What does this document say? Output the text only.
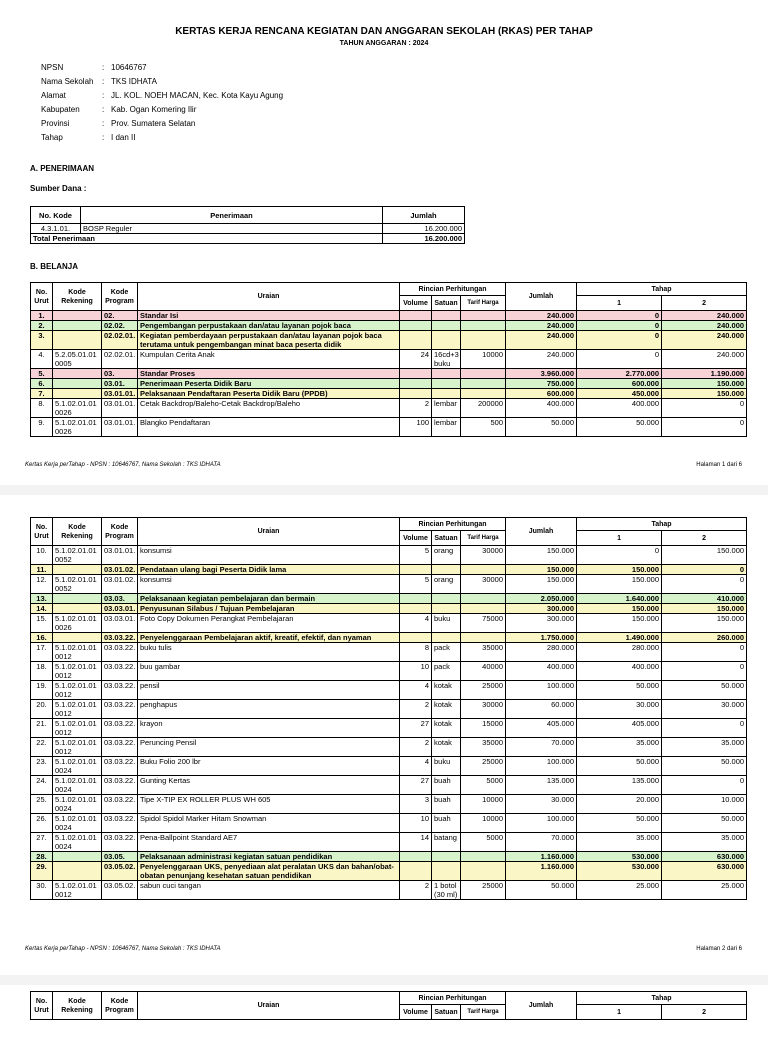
KERTAS KERJA RENCANA KEGIATAN DAN ANGGARAN SEKOLAH (RKAS) PER TAHAP
TAHUN ANGGARAN : 2024
NPSN	: 10646767
Nama Sekolah : TKS IDHATA
Alamat	: JL. KOL. NOEH MACAN, Kec. Kota Kayu Agung
Kabupaten	: Kab. Ogan Komering Ilir
Provinsi	: Prov. Sumatera Selatan
Tahap	: I dan II
A. PENERIMAAN
Sumber Dana :
No. Kode	Penerimaan	Jumlah
4.3.1.01.	BOSP Reguler	16.200.000
Total Penerimaan		16.200.000
B. BELANJA
No. Urut	Kode Rekening	Kode Program	Uraian	Rincian Perhitungan			Jumlah	Tahap	
				Volume	Satuan	Tarif Harga		1	2
1.		02.	Standar Isi				240.000	0	240.000
2.		02.02.	Pengembangan perpustakaan dan/atau layanan pojok baca				240.000	0	240.000
3.		02.02.01.	Kegiatan pemberdayaan perpustakaan dan/atau layanan pojok baca terutama untuk pengembangan minat baca peserta didik				240.000	0	240.000
4.	5.2.05.01.01 0005	02.02.01.	Kumpulan Cerita Anak	24	16cd+3 buku	10000	240.000	0	240.000
5.		03.	Standar Proses				3.960.000	2.770.000	1.190.000
6.		03.01.	Penerimaan Peserta Didik Baru				750.000	600.000	150.000
7.		03.01.01.	Pelaksanaan Pendaftaran Peserta Didik Baru (PPDB)				600.000	450.000	150.000
8.	5.1.02.01.01 0026	03.01.01.	Cetak Backdrop/Baleho-Cetak Backdrop/Baleho	2	lembar	200000	400.000	400.000	0
9.	5.1.02.01.01 0026	03.01.01.	Blangko Pendaftaran	100	lembar	500	50.000	50.000	0
Kertas Kerja perTahap - NPSN : 10646767, Nama Sekolah : TKS IDHATA	Halaman 1 dari 6
No. Urut	Kode Rekening	Kode Program	Uraian	Rincian Perhitungan			Jumlah	Tahap	
				Volume	Satuan	Tarif Harga		1	2
10.	5.1.02.01.01 0052	03.01.01.	konsumsi	5	orang	30000	150.000	0	150.000
11.		03.01.02.	Pendataan ulang bagi Peserta Didik lama				150.000	150.000	0
12.	5.1.02.01.01 0052	03.01.02.	konsumsi	5	orang	30000	150.000	150.000	0
13.		03.03.	Pelaksanaan kegiatan pembelajaran dan bermain				2.050.000	1.640.000	410.000
14.		03.03.01.	Penyusunan Silabus / Tujuan Pembelajaran				300.000	150.000	150.000
15.	5.1.02.01.01 0026	03.03.01.	Foto Copy Dokumen Perangkat Pembelajaran	4	buku	75000	300.000	150.000	150.000
16.		03.03.22.	Penyelenggaraan Pembelajaran aktif, kreatif, efektif, dan nyaman				1.750.000	1.490.000	260.000
17.	5.1.02.01.01 0012	03.03.22.	buku tulis	8	pack	35000	280.000	280.000	0
18.	5.1.02.01.01 0012	03.03.22.	buu gambar	10	pack	40000	400.000	400.000	0
19.	5.1.02.01.01 0012	03.03.22.	pensil	4	kotak	25000	100.000	50.000	50.000
20.	5.1.02.01.01 0012	03.03.22.	penghapus	2	kotak	30000	60.000	30.000	30.000
21.	5.1.02.01.01 0012	03.03.22.	krayon	27	kotak	15000	405.000	405.000	0
22.	5.1.02.01.01 0012	03.03.22.	Peruncing Pensil	2	kotak	35000	70.000	35.000	35.000
23.	5.1.02.01.01 0024	03.03.22.	Buku Folio 200 lbr	4	buku	25000	100.000	50.000	50.000
24.	5.1.02.01.01 0024	03.03.22.	Gunting Kertas	27	buah	5000	135.000	135.000	0
25.	5.1.02.01.01 0024	03.03.22.	Tipe X-TIP EX ROLLER PLUS WH 605	3	buah	10000	30.000	20.000	10.000
26.	5.1.02.01.01 0024	03.03.22.	Spidol Spidol Marker Hitam Snowman	10	buah	10000	100.000	50.000	50.000
27.	5.1.02.01.01 0024	03.03.22.	Pena-Ballpoint Standard AE7	14	batang	5000	70.000	35.000	35.000
28.		03.05.	Pelaksanaan administrasi kegiatan satuan pendidikan				1.160.000	530.000	630.000
29.		03.05.02.	Penyelenggaraan UKS, penyediaan alat peralatan UKS dan bahan/obat-obatan penunjang kesehatan satuan pendidikan				1.160.000	530.000	630.000
30.	5.1.02.01.01 0012	03.05.02.	sabun cuci tangan	2	1 botol (30 ml)	25000	50.000	25.000	25.000
Kertas Kerja perTahap - NPSN : 10646767, Nama Sekolah : TKS IDHATA	Halaman 2 dari 6
No. Urut	Kode Rekening	Kode Program	Uraian	Rincian Perhitungan			Jumlah	Tahap	
				Volume	Satuan	Tarif Harga		1	2
